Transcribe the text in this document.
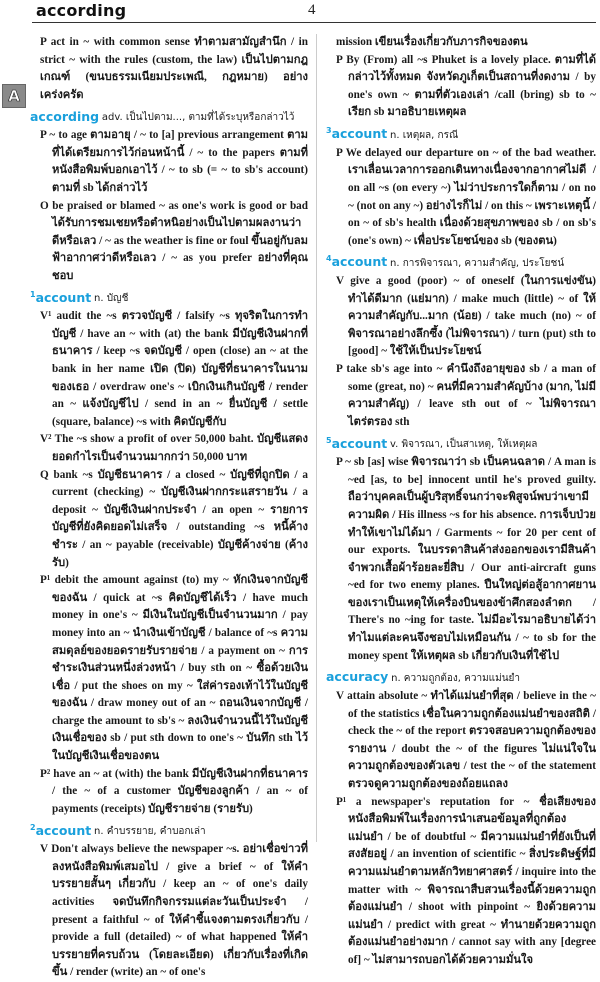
according	4
A
P act in ~ with common sense ทำตามสามัญสำนึก / in strict ~ with the rules (custom, the law) เป็นไปตามกฎเกณฑ์ (ขนบธรรมเนียมประเพณี, กฎหมาย) อย่างเคร่งครัด
according adv. เป็นไปตาม..., ตามที่ได้ระบุหรือกล่าวไว้
P ~ to age ตามอายุ / ~ to [a] previous arrangement ตามที่ได้เตรียมการไว้ก่อนหน้านี้ / ~ to the papers ตามที่หนังสือพิมพ์บอกเอาไว้ / ~ to sb (= ~ to sb's account) ตามที่ sb ได้กล่าวไว้
O be praised or blamed ~ as one's work is good or bad ได้รับการชมเชยหรือตำหนิอย่างเป็นไปตามผลงานว่าดีหรือเลว / ~ as the weather is fine or foul ขึ้นอยู่กับลมฟ้าอากาศว่าดีหรือเลว / ~ as you prefer อย่างที่คุณชอบ
$^1$account n. บัญชี
V¹ audit the ~s ตรวจบัญชี / falsify ~s ทุจริตในการทำบัญชี / have an ~ with (at) the bank มีบัญชีเงินฝากที่ธนาคาร / keep ~s จดบัญชี / open (close) an ~ at the bank in her name เปิด (ปิด) บัญชีที่ธนาคารในนามของเธอ / overdraw one's ~ เบิกเงินเกินบัญชี / render an ~ แจ้งบัญชีไป / send in an ~ ยื่นบัญชี / settle (square, balance) ~s with คิดบัญชีกับ
V² The ~s show a profit of over 50,000 baht. บัญชีแสดงยอดกำไรเป็นจำนวนมากกว่า 50,000 บาท
Q bank ~s บัญชีธนาคาร / a closed ~ บัญชีที่ถูกปิด / a current (checking) ~ บัญชีเงินฝากกระแสรายวัน / a deposit ~ บัญชีเงินฝากประจำ / an open ~ รายการบัญชีที่ยังคิดยอดไม่เสร็จ / outstanding ~s หนี้ค้างชำระ / an ~ payable (receivable) บัญชีค้างจ่าย (ค้างรับ)
P¹ debit the amount against (to) my ~ หักเงินจากบัญชีของฉัน / quick at ~s คิดบัญชีได้เร็ว / have much money in one's ~ มีเงินในบัญชีเป็นจำนวนมาก / pay money into an ~ นำเงินเข้าบัญชี / balance of ~s ความสมดุลย์ของยอดรายรับรายจ่าย / a payment on ~ การชำระเงินส่วนหนึ่งล่วงหน้า / buy sth on ~ ซื้อด้วยเงินเชื่อ / put the shoes on my ~ ใส่ค่ารองเท้าไว้ในบัญชีของฉัน / draw money out of an ~ ถอนเงินจากบัญชี / charge the amount to sb's ~ ลงเงินจำนวนนี้ไว้ในบัญชีเงินเชื่อของ sb / put sth down to one's ~ บันทึก sth ไว้ในบัญชีเงินเชื่อของตน
P² have an ~ at (with) the bank มีบัญชีเงินฝากที่ธนาคาร / the ~ of a customer บัญชีของลูกค้า / an ~ of payments (receipts) บัญชีรายจ่าย (รายรับ)
$^2$account n. คำบรรยาย, คำบอกเล่า
V Don't always believe the newspaper ~s. อย่าเชื่อข่าวที่ลงหนังสือพิมพ์เสมอไป / give a brief ~ of ให้คำบรรยายสั้นๆ เกี่ยวกับ / keep an ~ of one's daily activities จดบันทึกกิจกรรมแต่ละวันเป็นประจำ / present a faithful ~ of ให้คำชี้แจงตามตรงเกี่ยวกับ / provide a full (detailed) ~ of what happened ให้คำบรรยายที่ครบถ้วน (โดยละเอียด) เกี่ยวกับเรื่องที่เกิดขึ้น / render (write) an ~ of one's
mission เขียนเรื่องเกี่ยวกับภารกิจของตน
P By (From) all ~s Phuket is a lovely place. ตามที่ได้กล่าวไว้ทั้งหมด จังหวัดภูเก็ตเป็นสถานที่งดงาม / by one's own ~ ตามที่ตัวเองเล่า /call (bring) sb to ~ เรียก sb มาอธิบายเหตุผล
$^3$account n. เหตุผล, กรณี
P We delayed our departure on ~ of the bad weather. เราเลื่อนเวลาการออกเดินทางเนื่องจากอากาศไม่ดี / on all ~s (on every ~) ไม่ว่าประการใดก็ตาม / on no ~ (not on any ~) อย่างไรก็ไม่ / on this ~ เพราะเหตุนี้ / on ~ of sb's health เนื่องด้วยสุขภาพของ sb / on sb's (one's own) ~ เพื่อประโยชน์ของ sb (ของตน)
$^4$account n. การพิจารณา, ความสำคัญ, ประโยชน์
V give a good (poor) ~ of oneself (ในการแข่งขัน) ทำได้ดีมาก (แย่มาก) / make much (little) ~ of ให้ความสำคัญกับ...มาก (น้อย) / take much (no) ~ of พิจารณาอย่างลึกซึ้ง (ไม่พิจารณา) / turn (put) sth to [good] ~ ใช้ให้เป็นประโยชน์
P take sb's age into ~ คำนึงถึงอายุของ sb / a man of some (great, no) ~ คนที่มีความสำคัญบ้าง (มาก, ไม่มีความสำคัญ) / leave sth out of ~ ไม่พิจารณาไตร่ตรอง sth
$^5$account v. พิจารณา, เป็นสาเหตุ, ให้เหตุผล
P ~ sb [as] wise พิจารณาว่า sb เป็นคนฉลาด / A man is ~ed [as, to be] innocent until he's proved guilty. ถือว่าบุคคลเป็นผู้บริสุทธิ์จนกว่าจะพิสูจน์พบว่าเขามีความผิด / His illness ~s for his absence. การเจ็บป่วยทำให้เขาไม่ได้มา / Garments ~ for 20 per cent of our exports. ในบรรดาสินค้าส่งออกของเรามีสินค้าจำพวกเสื้อผ้าร้อยละยี่สิบ / Our anti-aircraft guns ~ed for two enemy planes. ปืนใหญ่ต่อสู้อากาศยานของเราเป็นเหตุให้เครื่องบินของข้าศึกสองลำตก / There's no ~ing for taste. ไม่มีอะไรมาอธิบายได้ว่าทำไมแต่ละคนจึงชอบไม่เหมือนกัน / ~ to sb for the money spent ให้เหตุผล sb เกี่ยวกับเงินที่ใช้ไป
accuracy n. ความถูกต้อง, ความแม่นยำ
V attain absolute ~ ทำได้แม่นยำที่สุด / believe in the ~ of the statistics เชื่อในความถูกต้องแม่นยำของสถิติ / check the ~ of the report ตรวจสอบความถูกต้องของรายงาน / doubt the ~ of the figures ไม่แน่ใจในความถูกต้องของตัวเลข / test the ~ of the statement ตรวจดูความถูกต้องของถ้อยแถลง
P¹ a newspaper's reputation for ~ ชื่อเสียงของหนังสือพิมพ์ในเรื่องการนำเสนอข้อมูลที่ถูกต้องแม่นยำ / be of doubtful ~ มีความแม่นยำที่ยังเป็นที่สงสัยอยู่ / an invention of scientific ~ สิ่งประดิษฐ์ที่มีความแม่นยำตามหลักวิทยาศาสตร์ / inquire into the matter with ~ พิจารณาสืบสวนเรื่องนี้ด้วยความถูกต้องแม่นยำ / shoot with pinpoint ~ ยิงด้วยความแม่นยำ / predict with great ~ ทำนายด้วยความถูกต้องแม่นยำอย่างมาก / cannot say with any [degree of] ~ ไม่สามารถบอกได้ด้วยความมั่นใจ
